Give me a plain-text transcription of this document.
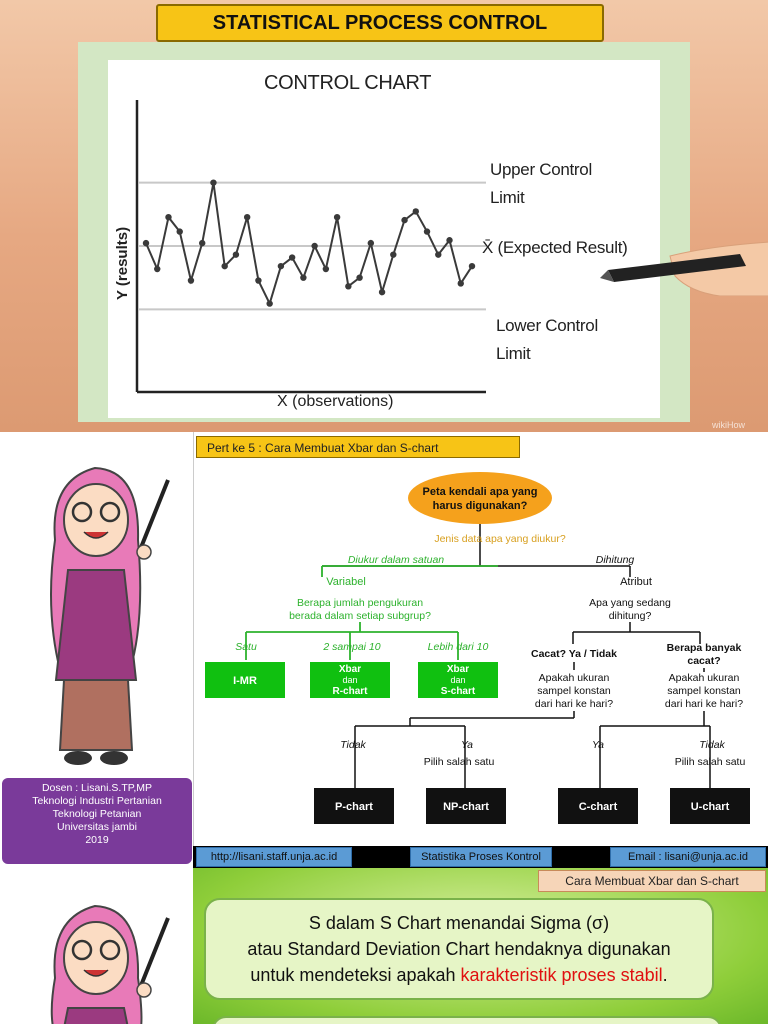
STATISTICAL PROCESS CONTROL
CONTROL CHART
Upper Control
Limit
X̄ (Expected Result)
Lower Control
Limit
X (observations)
Y (results)
wikiHow
Dosen : Lisani.S.TP,MP
Teknologi Industri Pertanian
Teknologi Petanian
Universitas jambi
2019
Pert ke 5 : Cara Membuat Xbar dan S-chart
Peta kendali apa yang
harus digunakan?
Jenis data apa yang diukur?
Diukur dalam satuan	Dihitung
Variabel
Berapa jumlah pengukuran
berada dalam setiap subgrup?
Atribut
Apa yang sedang
dihitung?
Satu	2 sampai 10	Lebih dari 10
I-MR
Xbar
dan
R-chart
Xbar
dan
S-chart
Cacat? Ya / Tidak	Berapa banyak
cacat?
Apakah ukuran
sampel konstan
dari hari ke hari?
Apakah ukuran
sampel konstan
dari hari ke hari?
Tidak	Ya
Pilih salah satu
Ya	Tidak
Pilih salah satu
P-chart	NP-chart	C-chart	U-chart
http://lisani.staff.unja.ac.id	Statistika Proses Kontrol	Email : lisani@unja.ac.id
Cara Membuat Xbar dan S-chart
S dalam S Chart menandai Sigma (σ)
atau Standard Deviation Chart hendaknya digunakan
untuk mendeteksi apakah karakteristik proses stabil.
